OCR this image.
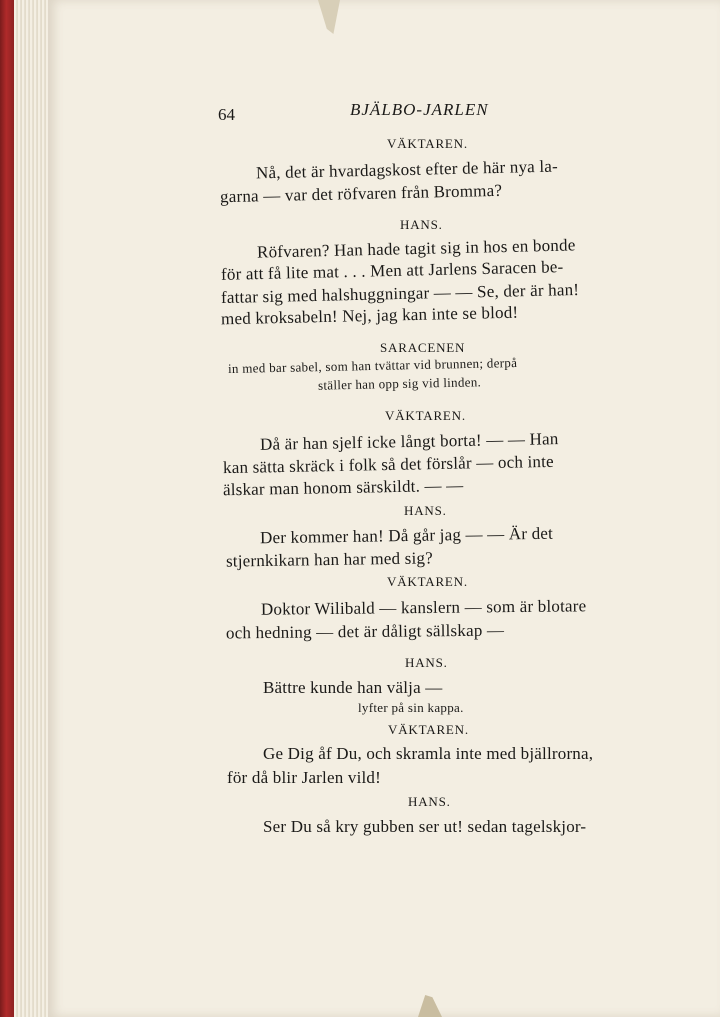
64	BJÄLBO-JARLEN
VÄKTAREN.
Nå, det är hvardagskost efter de här nya la-
garna — var det röfvaren från Bromma?
HANS.
Röfvaren? Han hade tagit sig in hos en bonde
för att få lite mat . . . Men att Jarlens Saracen be-
fattar sig med halshuggningar — — Se, der är han!
med kroksabeln! Nej, jag kan inte se blod!
SARACENEN
in med bar sabel, som han tvättar vid brunnen; derpå
ställer han opp sig vid linden.
VÄKTAREN.
Då är han sjelf icke långt borta! — — Han
kan sätta skräck i folk så det förslår — och inte
älskar man honom särskildt. — —
HANS.
Der kommer han! Då går jag — — Är det
stjernkikarn han har med sig?
VÄKTAREN.
Doktor Wilibald — kanslern — som är blotare
och hedning — det är dåligt sällskap —
HANS.
Bättre kunde han välja —
lyfter på sin kappa.
VÄKTAREN.
Ge Dig åf Du, och skramla inte med bjällrorna,
för då blir Jarlen vild!
HANS.
Ser Du så kry gubben ser ut! sedan tagelskjor-
